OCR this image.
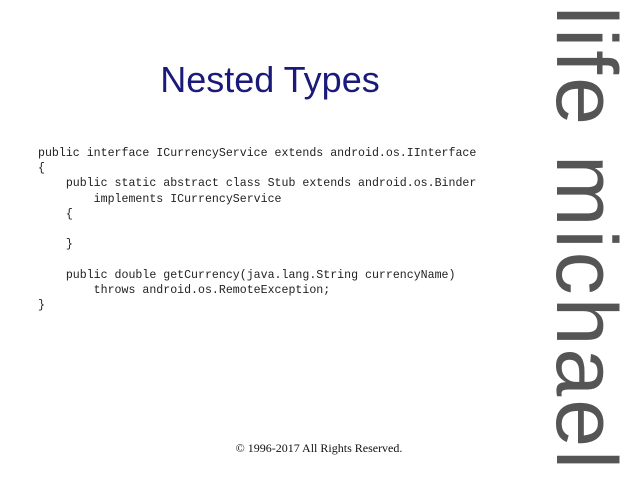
Nested Types
public interface ICurrencyService extends android.os.IInterface
{
public static abstract class Stub extends android.os.Binder
implements ICurrencyService
{

}

public double getCurrency(java.lang.String currencyName)
throws android.os.RemoteException;
}	life michael
© 1996-2017 All Rights Reserved.
